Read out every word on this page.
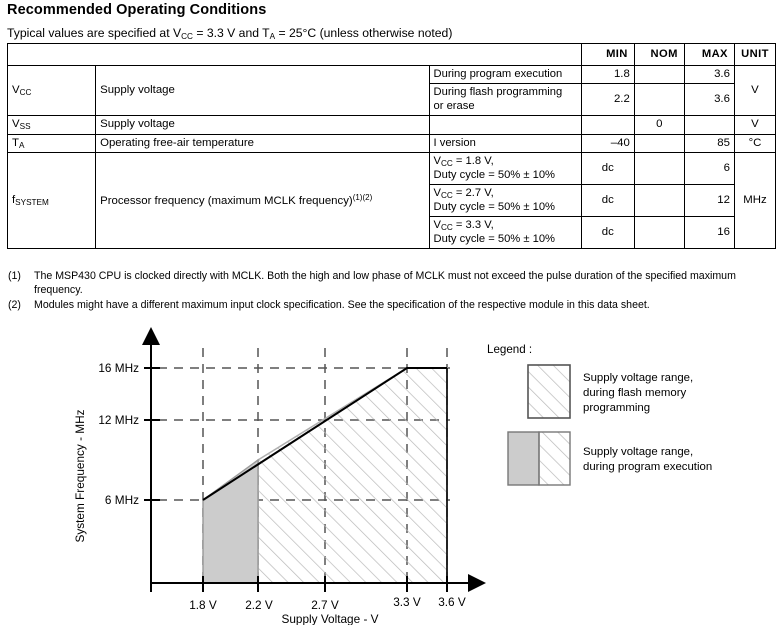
Recommended Operating Conditions
Typical values are specified at $V_{CC} = 3.3$ V and $T_A = 25^\circ C$ (unless otherwise noted)
			MIN	NOM	MAX	UNIT
$V_{CC}$	Supply voltage	During program execution	1.8		3.6	V
		During flash programming
or erase	2.2		3.6	
$V_{SS}$	Supply voltage			0		V
$T_A$	Operating free-air temperature	I version	–40		85	°C
$f_{SYSTEM}$	Processor frequency (maximum MCLK frequency)$^{(1)(2)}$	$V_{CC} = 1.8$ V,
Duty cycle = 50% ± 10%	dc		6	MHz
		$V_{CC} = 2.7$ V,
Duty cycle = 50% ± 10%	dc		12	
		$V_{CC} = 3.3$ V,
Duty cycle = 50% ± 10%	dc		16	
(1)	The MSP430 CPU is clocked directly with MCLK. Both the high and low phase of MCLK must not exceed the pulse duration of the specified maximum frequency.
(2)	Modules might have a different maximum input clock specification. See the specification of the respective module in this data sheet.
16 MHz
12 MHz
6 MHz
1.8 V 2.2 V	2.7 V	3.3 V 3.6 V
Supply Voltage - V
System Frequency - MHz
Legend :
Supply voltage range,
during flash memory
programming
Supply voltage range,
during program execution
